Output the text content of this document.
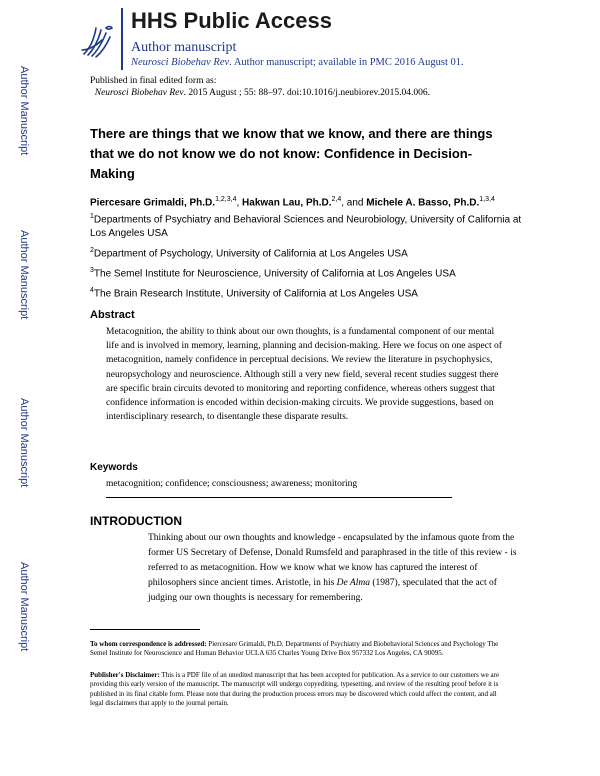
HHS Public Access
Author manuscript
Neurosci Biobehav Rev. Author manuscript; available in PMC 2016 August 01.
Author Manuscript
Author Manuscript
Author Manuscript
Author Manuscript
Published in final edited form as:
Neurosci Biobehav Rev. 2015 August ; 55: 88–97. doi:10.1016/j.neubiorev.2015.04.006.
There are things that we know that we know, and there are things that we do not know we do not know: Confidence in Decision-Making
Piercesare Grimaldi, Ph.D.$^{1,2,3,4}$, Hakwan Lau, Ph.D.$^{2,4}$, and Michele A. Basso, Ph.D.$^{1,3,4}$
$^1$Departments of Psychiatry and Behavioral Sciences and Neurobiology, University of California at Los Angeles USA
$^2$Department of Psychology, University of California at Los Angeles USA
$^3$The Semel Institute for Neuroscience, University of California at Los Angeles USA
$^4$The Brain Research Institute, University of California at Los Angeles USA
Abstract
Metacognition, the ability to think about our own thoughts, is a fundamental component of our mental life and is involved in memory, learning, planning and decision-making. Here we focus on one aspect of metacognition, namely confidence in perceptual decisions. We review the literature in psychophysics, neuropsychology and neuroscience. Although still a very new field, several recent studies suggest there are specific brain circuits devoted to monitoring and reporting confidence, whereas others suggest that confidence information is encoded within decision-making circuits. We provide suggestions, based on interdisciplinary research, to disentangle these disparate results.
Keywords
metacognition; confidence; consciousness; awareness; monitoring
INTRODUCTION
Thinking about our own thoughts and knowledge - encapsulated by the infamous quote from the former US Secretary of Defense, Donald Rumsfeld and paraphrased in the title of this review - is referred to as metacognition. How we know what we know has captured the interest of philosophers since ancient times. Aristotle, in his De Alma (1987), speculated that the act of judging our own thoughts is necessary for remembering.
To whom correspondence is addressed: Piercesare Grimaldi, Ph.D. Departments of Psychiatry and Biobehavioral Sciences and Psychology The Semel Institute for Neuroscience and Human Behavior UCLA 635 Charles Young Drive Box 957332 Los Angeles, CA 90095.
Publisher's Disclaimer: This is a PDF file of an unedited manuscript that has been accepted for publication. As a service to our customers we are providing this early version of the manuscript. The manuscript will undergo copyediting, typesetting, and review of the resulting proof before it is published in its final citable form. Please note that during the production process errors may be discovered which could affect the content, and all legal disclaimers that apply to the journal pertain.
